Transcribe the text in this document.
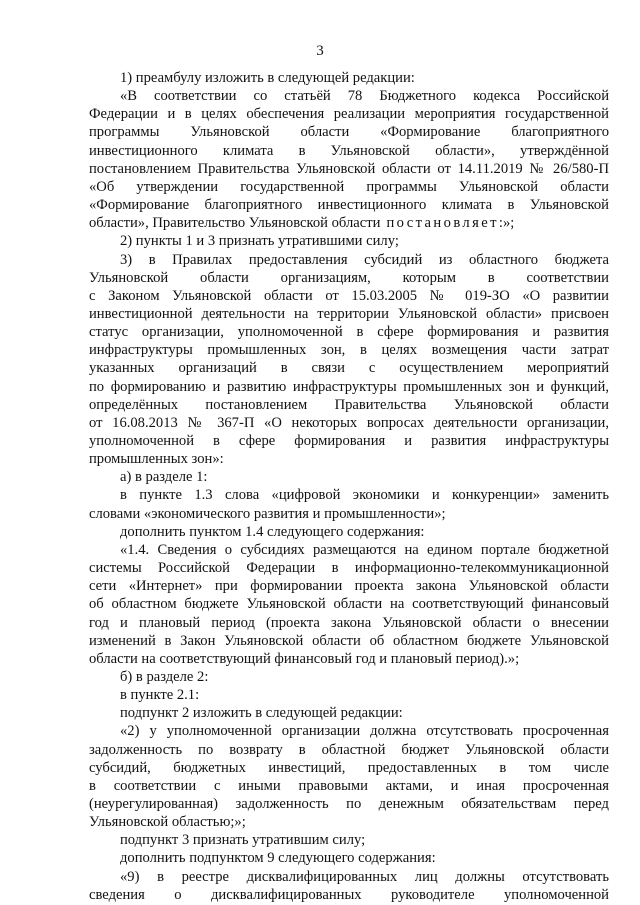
3
1) преамбулу изложить в следующей редакции:
«В соответствии со статьёй 78 Бюджетного кодекса Российской
Федерации и в целях обеспечения реализации мероприятия государственной
программы Ульяновской области «Формирование благоприятного
инвестиционного климата в Ульяновской области», утверждённой
постановлением Правительства Ульяновской области от 14.11.2019 № 26/580-П
«Об утверждении государственной программы Ульяновской области
«Формирование благоприятного инвестиционного климата в Ульяновской
области», Правительство Ульяновской области постановляет:»;
2) пункты 1 и 3 признать утратившими силу;
3) в Правилах предоставления субсидий из областного бюджета
Ульяновской области организациям, которым в соответствии
с Законом Ульяновской области от 15.03.2005 № 019-ЗО «О развитии
инвестиционной деятельности на территории Ульяновской области» присвоен
статус организации, уполномоченной в сфере формирования и развития
инфраструктуры промышленных зон, в целях возмещения части затрат
указанных организаций в связи с осуществлением мероприятий
по формированию и развитию инфраструктуры промышленных зон и функций,
определённых постановлением Правительства Ульяновской области
от 16.08.2013 № 367-П «О некоторых вопросах деятельности организации,
уполномоченной в сфере формирования и развития инфраструктуры
промышленных зон»:
а) в разделе 1:
в пункте 1.3 слова «цифровой экономики и конкуренции» заменить
словами «экономического развития и промышленности»;
дополнить пунктом 1.4 следующего содержания:
«1.4. Сведения о субсидиях размещаются на едином портале бюджетной
системы Российской Федерации в информационно-телекоммуникационной
сети «Интернет» при формировании проекта закона Ульяновской области
об областном бюджете Ульяновской области на соответствующий финансовый
год и плановый период (проекта закона Ульяновской области о внесении
изменений в Закон Ульяновской области об областном бюджете Ульяновской
области на соответствующий финансовый год и плановый период).»;
б) в разделе 2:
в пункте 2.1:
подпункт 2 изложить в следующей редакции:
«2) у уполномоченной организации должна отсутствовать просроченная
задолженность по возврату в областной бюджет Ульяновской области
субсидий, бюджетных инвестиций, предоставленных в том числе
в соответствии с иными правовыми актами, и иная просроченная
(неурегулированная) задолженность по денежным обязательствам перед
Ульяновской областью;»;
подпункт 3 признать утратившим силу;
дополнить подпунктом 9 следующего содержания:
«9) в реестре дисквалифицированных лиц должны отсутствовать
сведения о дисквалифицированных руководителе уполномоченной
